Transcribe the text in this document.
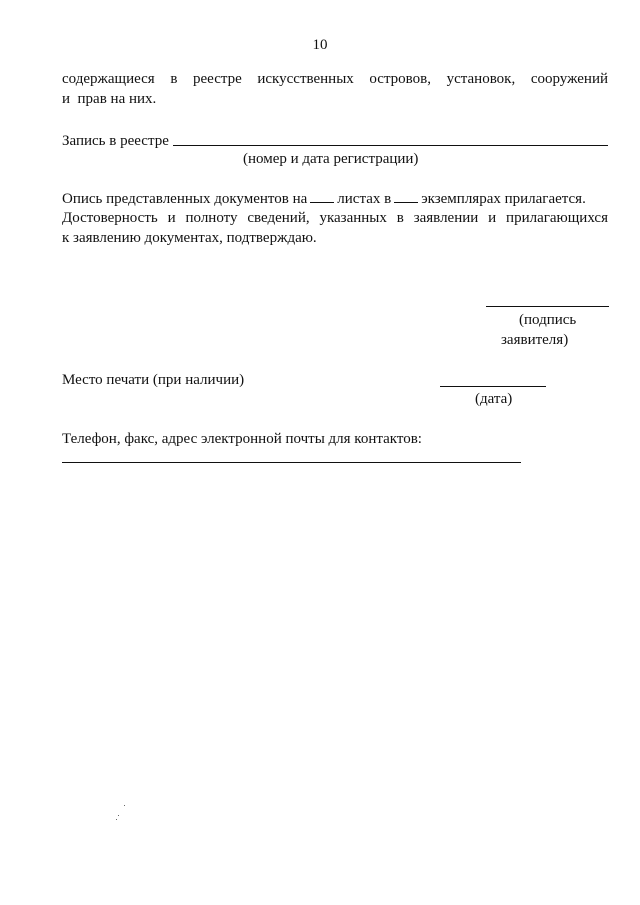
10
содержащиеся в реестре искусственных островов, установок, сооружений
и  прав на них.
Запись в реестре
(номер и дата регистрации)
Опись представленных документов на листах в экземплярах прилагается.
Достоверность и полноту сведений, указанных в заявлении и прилагающихся
к заявлению документах, подтверждаю.
(подпись
заявителя)
Место печати (при наличии)
(дата)
Телефон, факс, адрес электронной почты для контактов:
